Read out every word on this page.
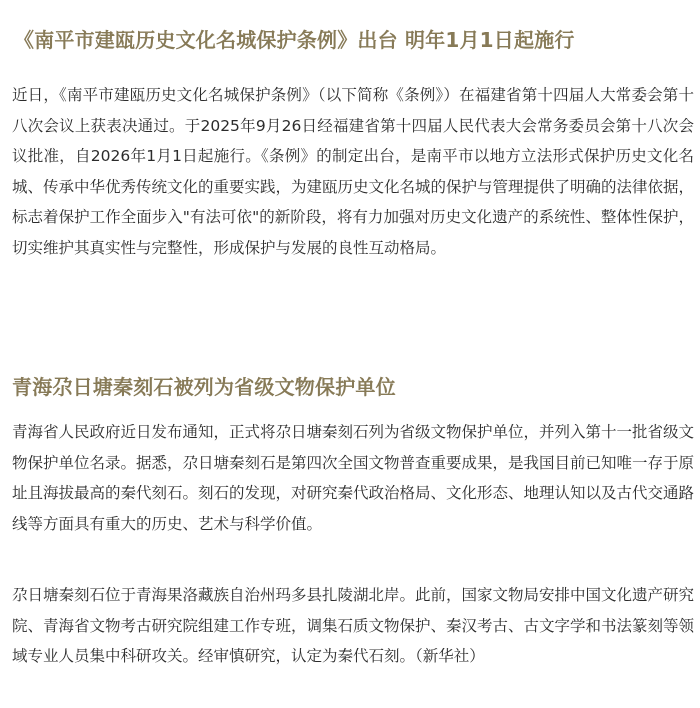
《南平市建瓯历史文化名城保护条例》出台 明年1月1日起施行

近日，《南平市建瓯历史文化名城保护条例》（以下简称《条例》）在福建省第十四届人大常委会第十八次会议上获表决通过。于2025年9月26日经福建省第十四届人民代表大会常务委员会第十八次会议批准，自2026年1月1日起施行。《条例》的制定出台，是南平市以地方立法形式保护历史文化名城、传承中华优秀传统文化的重要实践，为建瓯历史文化名城的保护与管理提供了明确的法律依据，标志着保护工作全面步入"有法可依"的新阶段，将有力加强对历史文化遗产的系统性、整体性保护，切实维护其真实性与完整性，形成保护与发展的良性互动格局。

青海尕日塘秦刻石被列为省级文物保护单位

青海省人民政府近日发布通知，正式将尕日塘秦刻石列为省级文物保护单位，并列入第十一批省级文物保护单位名录。据悉，尕日塘秦刻石是第四次全国文物普查重要成果，是我国目前已知唯一存于原址且海拔最高的秦代刻石。刻石的发现，对研究秦代政治格局、文化形态、地理认知以及古代交通路线等方面具有重大的历史、艺术与科学价值。

尕日塘秦刻石位于青海果洛藏族自治州玛多县扎陵湖北岸。此前，国家文物局安排中国文化遗产研究院、青海省文物考古研究院组建工作专班，调集石质文物保护、秦汉考古、古文字学和书法篆刻等领域专业人员集中科研攻关。经审慎研究，认定为秦代石刻。（新华社）
